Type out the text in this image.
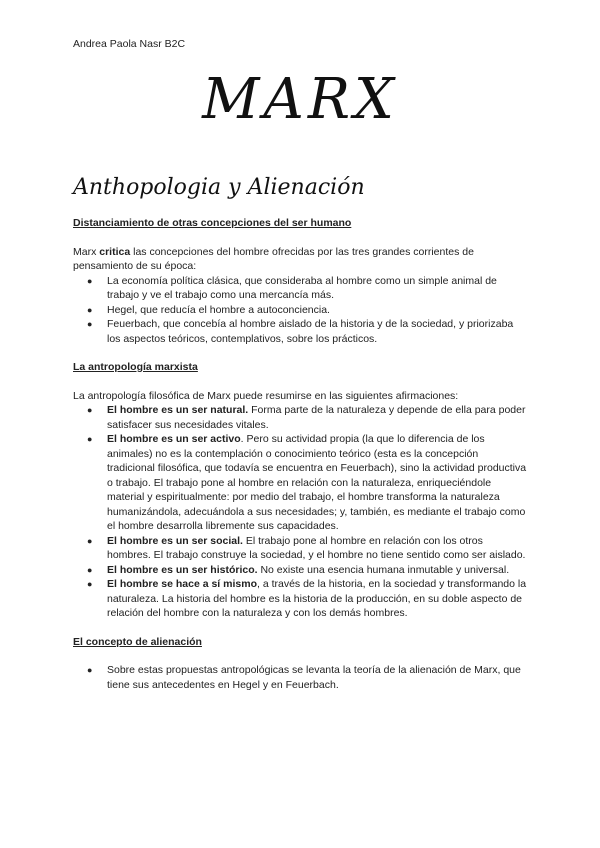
Andrea Paola Nasr B2C
MARX
Anthopologia y Alienación
Distanciamiento de otras concepciones del ser humano

Marx critica las concepciones del hombre ofrecidas por las tres grandes corrientes de pensamiento de su época:

● La economía política clásica, que consideraba al hombre como un simple animal de trabajo y ve el trabajo como una mercancía más.
● Hegel, que reducía el hombre a autoconciencia.
● Feuerbach, que concebía al hombre aislado de la historia y de la sociedad, y priorizaba los aspectos teóricos, contemplativos, sobre los prácticos.
La antropología marxista

La antropología filosófica de Marx puede resumirse en las siguientes afirmaciones:

● El hombre es un ser natural. Forma parte de la naturaleza y depende de ella para poder satisfacer sus necesidades vitales.
● El hombre es un ser activo. Pero su actividad propia (la que lo diferencia de los animales) no es la contemplación o conocimiento teórico (esta es la concepción tradicional filosófica, que todavía se encuentra en Feuerbach), sino la actividad productiva o trabajo. El trabajo pone al hombre en relación con la naturaleza, enriqueciéndole material y espiritualmente: por medio del trabajo, el hombre transforma la naturaleza humanizándola, adecuándola a sus necesidades; y, también, es mediante el trabajo como el hombre desarrolla libremente sus capacidades.
● El hombre es un ser social. El trabajo pone al hombre en relación con los otros hombres. El trabajo construye la sociedad, y el hombre no tiene sentido como ser aislado.
● El hombre es un ser histórico. No existe una esencia humana inmutable y universal.
● El hombre se hace a sí mismo, a través de la historia, en la sociedad y transformando la naturaleza. La historia del hombre es la historia de la producción, en su doble aspecto de relación del hombre con la naturaleza y con los demás hombres.
El concepto de alienación
● Sobre estas propuestas antropológicas se levanta la teoría de la alienación de Marx, que tiene sus antecedentes en Hegel y en Feuerbach.
